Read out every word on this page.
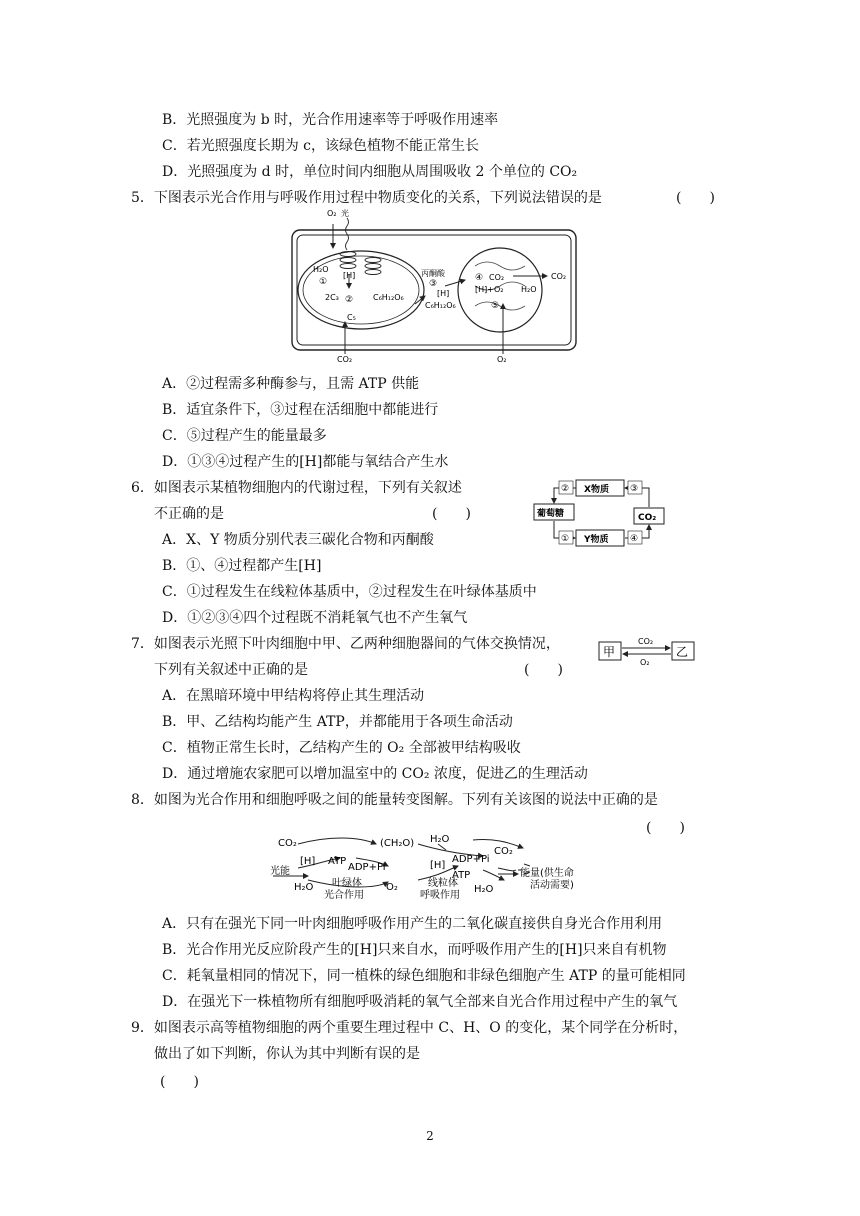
B．光照强度为 b 时，光合作用速率等于呼吸作用速率
C．若光照强度长期为 c，该绿色植物不能正常生长
D．光照强度为 d 时，单位时间内细胞从周围吸收 2 个单位的 CO₂
5．下图表示光合作用与呼吸作用过程中物质变化的关系，下列说法错误的是	(　　)
O₂ 光
H₂O
[H]
①
2C₃ ② C₆H₁₂O₆
C₅
CO₂
丙酮酸
③
[H]
C₆H₁₂O₆
④ CO₂	CO₂
[H]+O₂ H₂O
⑤
O₂
A．②过程需多种酶参与，且需 ATP 供能
B．适宜条件下，③过程在活细胞中都能进行
C．⑤过程产生的能量最多
D．①③④过程产生的[H]都能与氧结合产生水
6．如图表示某植物细胞内的代谢过程，下列有关叙述
不正确的是	(　　)
X物质
葡萄糖
Y物质
CO₂
②
①
③
④
A．X、Y 物质分别代表三碳化合物和丙酮酸
B．①、④过程都产生[H]
C．①过程发生在线粒体基质中，②过程发生在叶绿体基质中
D．①②③④四个过程既不消耗氧气也不产生氧气
7．如图表示光照下叶肉细胞中甲、乙两种细胞器间的气体交换情况，
下列有关叙述中正确的是	(　　)
甲	乙
CO₂
O₂
A．在黑暗环境中甲结构将停止其生理活动
B．甲、乙结构均能产生 ATP，并都能用于各项生命活动
C．植物正常生长时，乙结构产生的 O₂ 全部被甲结构吸收
D．通过增施农家肥可以增加温室中的 CO₂ 浓度，促进乙的生理活动
8．如图为光合作用和细胞呼吸之间的能量转变图解。下列有关该图的说法中正确的是
(　　)
CO₂	(CH₂O) H₂O
CO₂
[H] ATP
ADP+Pi
光能
H₂O 叶绿体
光合作用
O₂
[H]
ADP+Pi
ATP
线粒体
呼吸作用
H₂O
能量(供生命
活动需要)
A．只有在强光下同一叶肉细胞呼吸作用产生的二氧化碳直接供自身光合作用利用
B．光合作用光反应阶段产生的[H]只来自水，而呼吸作用产生的[H]只来自有机物
C．耗氧量相同的情况下，同一植株的绿色细胞和非绿色细胞产生 ATP 的量可能相同
D．在强光下一株植物所有细胞呼吸消耗的氧气全部来自光合作用过程中产生的氧气
9．如图表示高等植物细胞的两个重要生理过程中 C、H、O 的变化，某个同学在分析时，
做出了如下判断，你认为其中判断有误的是
(　　)
2
